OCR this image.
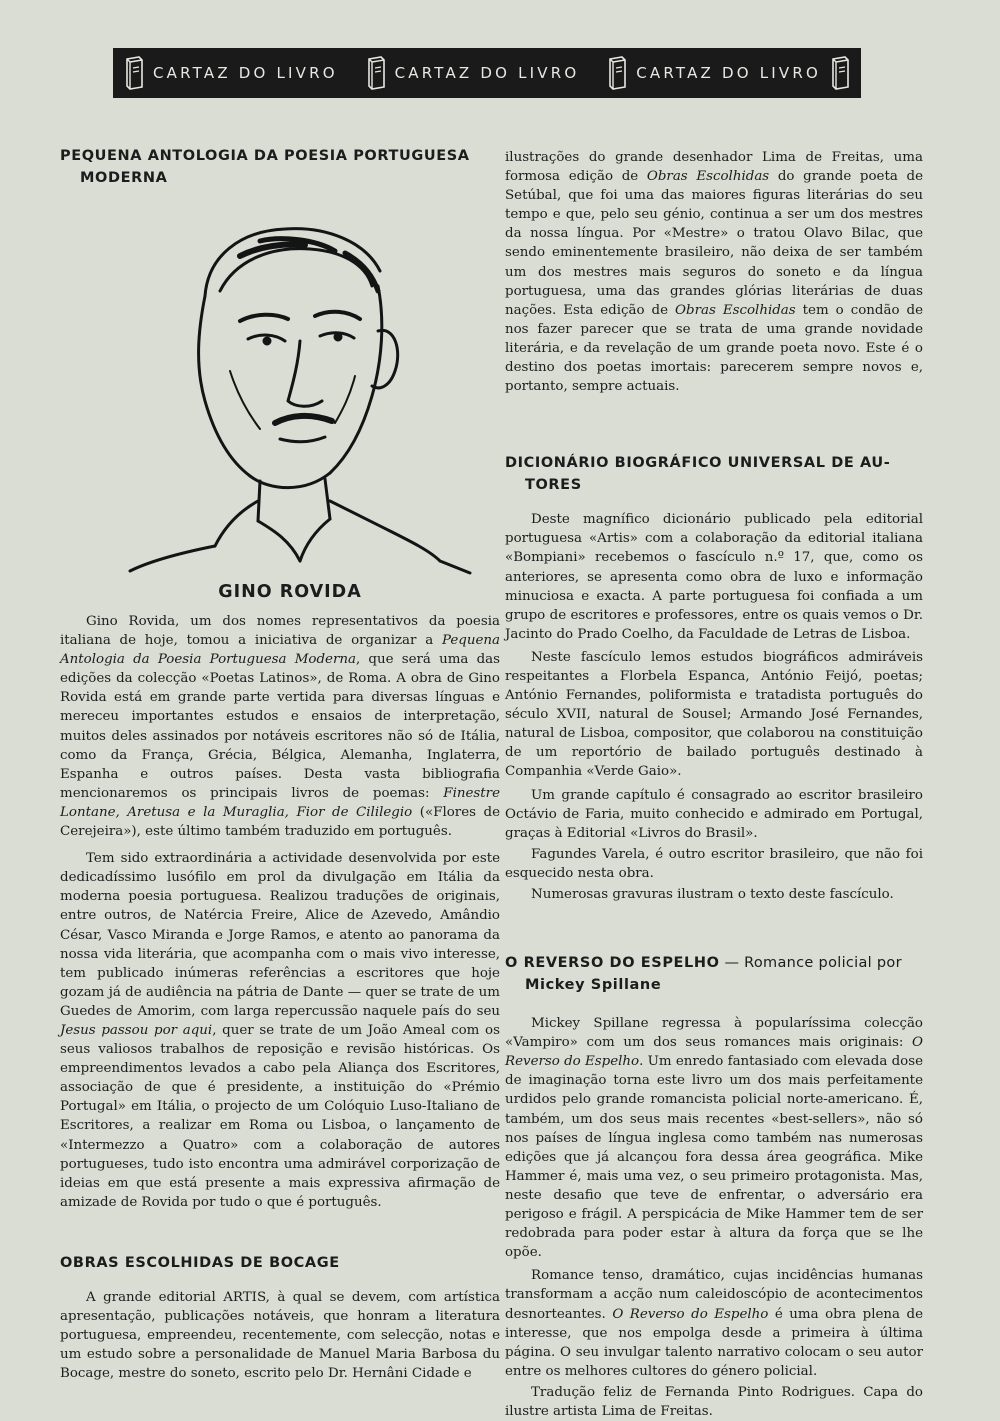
CARTAZ DO LIVRO	CARTAZ DO LIVRO	CARTAZ DO LIVRO
PEQUENA ANTOLOGIA DA POESIA PORTUGUESA
MODERNA
GINO ROVIDA

Gino Rovida, um dos nomes representativos da poesia italiana de hoje, tomou a iniciativa de organizar a Pequena Antologia da Poesia Portuguesa Moderna, que será uma das edições da colecção «Poetas Latinos», de Roma. A obra de Gino Rovida está em grande parte vertida para diversas línguas e mereceu importantes estudos e ensaios de interpretação, muitos deles assinados por notáveis escritores não só de Itália, como da França, Grécia, Bélgica, Alemanha, Inglaterra, Espanha e outros países. Desta vasta bibliografia mencionaremos os principais livros de poemas: Finestre Lontane, Aretusa e la Muraglia, Fior de Cililegio («Flores de Cerejeira»), este último também traduzido em português.

Tem sido extraordinária a actividade desenvolvida por este dedicadíssimo lusófilo em prol da divulgação em Itália da moderna poesia portuguesa. Realizou traduções de originais, entre outros, de Natércia Freire, Alice de Azevedo, Amândio César, Vasco Miranda e Jorge Ramos, e atento ao panorama da nossa vida literária, que acompanha com o mais vivo interesse, tem publicado inúmeras referências a escritores que hoje gozam já de audiência na pátria de Dante — quer se trate de um Guedes de Amorim, com larga repercussão naquele país do seu Jesus passou por aqui, quer se trate de um João Ameal com os seus valiosos trabalhos de reposição e revisão históricas. Os empreendimentos levados a cabo pela Aliança dos Escritores, associação de que é presidente, a instituição do «Prémio Portugal» em Itália, o projecto de um Colóquio Luso-Italiano de Escritores, a realizar em Roma ou Lisboa, o lançamento de «Intermezzo a Quatro» com a colaboração de autores portugueses, tudo isto encontra uma admirável corporização de ideias em que está presente a mais expressiva afirmação de amizade de Rovida por tudo o que é português.

OBRAS ESCOLHIDAS DE BOCAGE

A grande editorial ARTIS, à qual se devem, com artística apresentação, publicações notáveis, que honram a literatura portuguesa, empreendeu, recentemente, com selecção, notas e um estudo sobre a personalidade de Manuel Maria Barbosa du Bocage, mestre do soneto, escrito pelo Dr. Hernâni Cidade e

ilustrações do grande desenhador Lima de Freitas, uma formosa edição de Obras Escolhidas do grande poeta de Setúbal, que foi uma das maiores figuras literárias do seu tempo e que, pelo seu génio, continua a ser um dos mestres da nossa língua. Por «Mestre» o tratou Olavo Bilac, que sendo eminentemente brasileiro, não deixa de ser também um dos mestres mais seguros do soneto e da língua portuguesa, uma das grandes glórias literárias de duas nações. Esta edição de Obras Escolhidas tem o condão de nos fazer parecer que se trata de uma grande novidade literária, e da revelação de um grande poeta novo. Este é o destino dos poetas imortais: parecerem sempre novos e, portanto, sempre actuais.

DICIONÁRIO BIOGRÁFICO UNIVERSAL DE AU-
TORES

Deste magnífico dicionário publicado pela editorial portuguesa «Artis» com a colaboração da editorial italiana «Bompiani» recebemos o fascículo n.º 17, que, como os anteriores, se apresenta como obra de luxo e informação minuciosa e exacta. A parte portuguesa foi confiada a um grupo de escritores e professores, entre os quais vemos o Dr. Jacinto do Prado Coelho, da Faculdade de Letras de Lisboa.

Neste fascículo lemos estudos biográficos admiráveis respeitantes a Florbela Espanca, António Feijó, poetas; António Fernandes, poliformista e tratadista português do século XVII, natural de Sousel; Armando José Fernandes, natural de Lisboa, compositor, que colaborou na constituição de um reportório de bailado português destinado à Companhia «Verde Gaio».

Um grande capítulo é consagrado ao escritor brasileiro Octávio de Faria, muito conhecido e admirado em Portugal, graças à Editorial «Livros do Brasil».

Fagundes Varela, é outro escritor brasileiro, que não foi esquecido nesta obra.

Numerosas gravuras ilustram o texto deste fascículo.

O REVERSO DO ESPELHO — Romance policial por
Mickey Spillane

Mickey Spillane regressa à popularíssima colecção «Vampiro» com um dos seus romances mais originais: O Reverso do Espelho. Um enredo fantasiado com elevada dose de imaginação torna este livro um dos mais perfeitamente urdidos pelo grande romancista policial norte-americano. É, também, um dos seus mais recentes «best-sellers», não só nos países de língua inglesa como também nas numerosas edições que já alcançou fora dessa área geográfica. Mike Hammer é, mais uma vez, o seu primeiro protagonista. Mas, neste desafio que teve de enfrentar, o adversário era perigoso e frágil. A perspicácia de Mike Hammer tem de ser redobrada para poder estar à altura da força que se lhe opõe.

Romance tenso, dramático, cujas incidências humanas transformam a acção num caleidoscópio de acontecimentos desnorteantes. O Reverso do Espelho é uma obra plena de interesse, que nos empolga desde a primeira à última página. O seu invulgar talento narrativo colocam o seu autor entre os melhores cultores do género policial.

Tradução feliz de Fernanda Pinto Rodrigues. Capa do ilustre artista Lima de Freitas.
